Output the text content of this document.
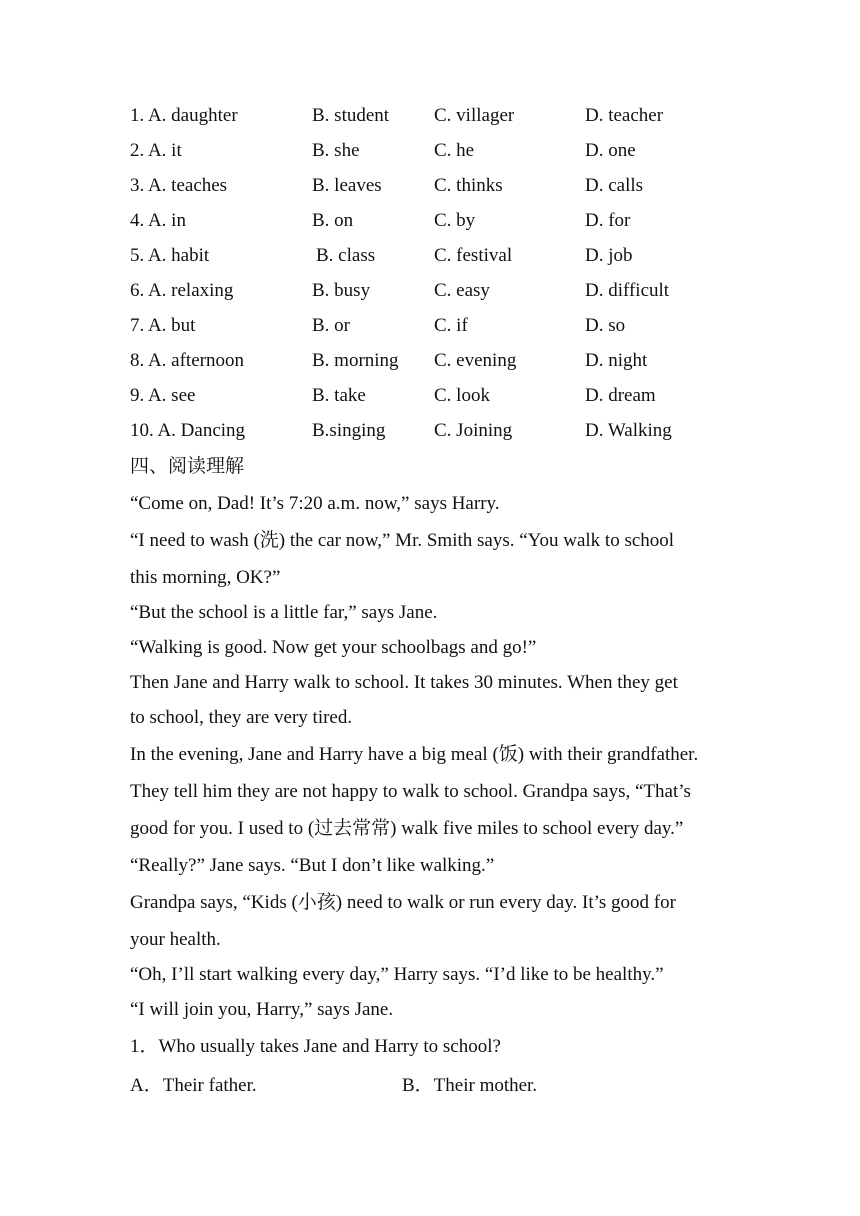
1. A. daughter	B. student C. villager	D. teacher
2. A. it	B. she	C. he	D. one
3. A. teaches	B. leaves	C. thinks	D. calls
4. A. in	B. on	C. by	D. for
5. A. habit	B. class	C. festival	D. job
6. A. relaxing	B. busy	C. easy	D. difficult
7. A. but	B. or	C. if	D. so
8. A. afternoon	B. morning C. evening	D. night
9. A. see	B. take	C. look	D. dream
10. A. Dancing	B.singing	C. Joining	D. Walking
四、阅读理解
“Come on, Dad! It’s 7:20 a.m. now,” says Harry.
“I need to wash (洗) the car now,” Mr. Smith says. “You walk to school
this morning, OK?”
“But the school is a little far,” says Jane.
“Walking is good. Now get your schoolbags and go!”
Then Jane and Harry walk to school. It takes 30 minutes. When they get
to school, they are very tired.
In the evening, Jane and Harry have a big meal (饭) with their grandfather.
They tell him they are not happy to walk to school. Grandpa says, “That’s
good for you. I used to (过去常常) walk five miles to school every day.”
“Really?” Jane says. “But I don’t like walking.”
Grandpa says, “Kids (小孩) need to walk or run every day. It’s good for
your health.
“Oh, I’ll start walking every day,” Harry says. “I’d like to be healthy.”
“I will join you, Harry,” says Jane.
1．Who usually takes Jane and Harry to school?
A．Their father.	B．Their mother.
